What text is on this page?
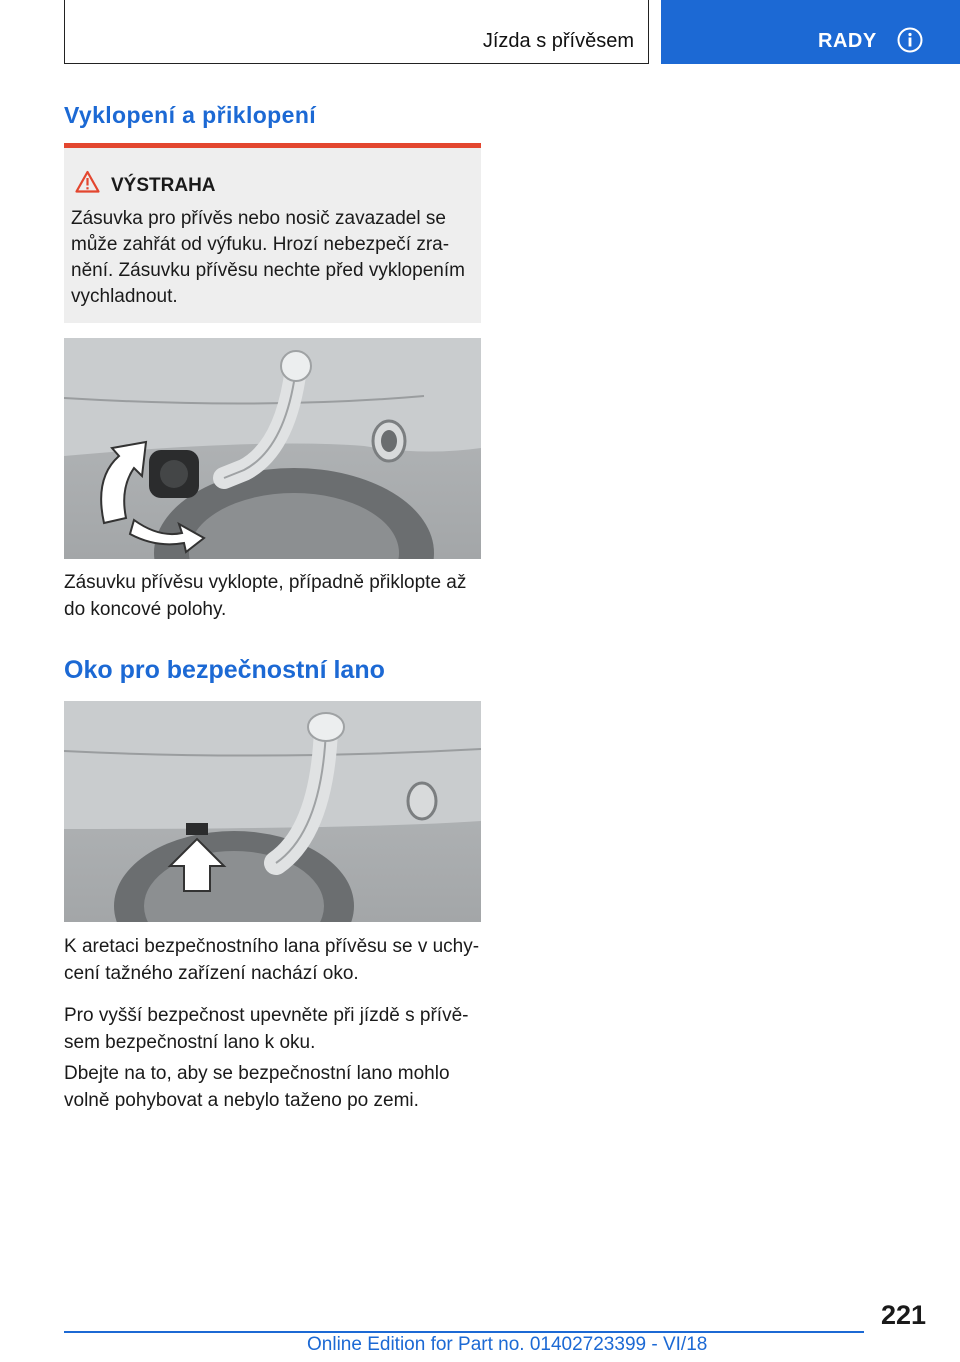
Jízda s přívěsem	RADY
Vyklopení a přiklopení
VÝSTRAHA
Zásuvka pro přívěs nebo nosič zavazadel se může zahřát od výfuku. Hrozí nebezpečí zranění. Zásuvku přívěsu nechte před vyklopením vychladnout.

Zásuvku přívěsu vyklopte, případně přiklopte až do koncové polohy.

Oko pro bezpečnostní lano

K aretaci bezpečnostního lana přívěsu se v uchycení tažného zařízení nachází oko.

Pro vyšší bezpečnost upevněte při jízdě s přívěsem bezpečnostní lano k oku.

Dbejte na to, aby se bezpečnostní lano mohlo volně pohybovat a nebylo taženo po zemi.

221
Online Edition for Part no. 01402723399 - VI/18
